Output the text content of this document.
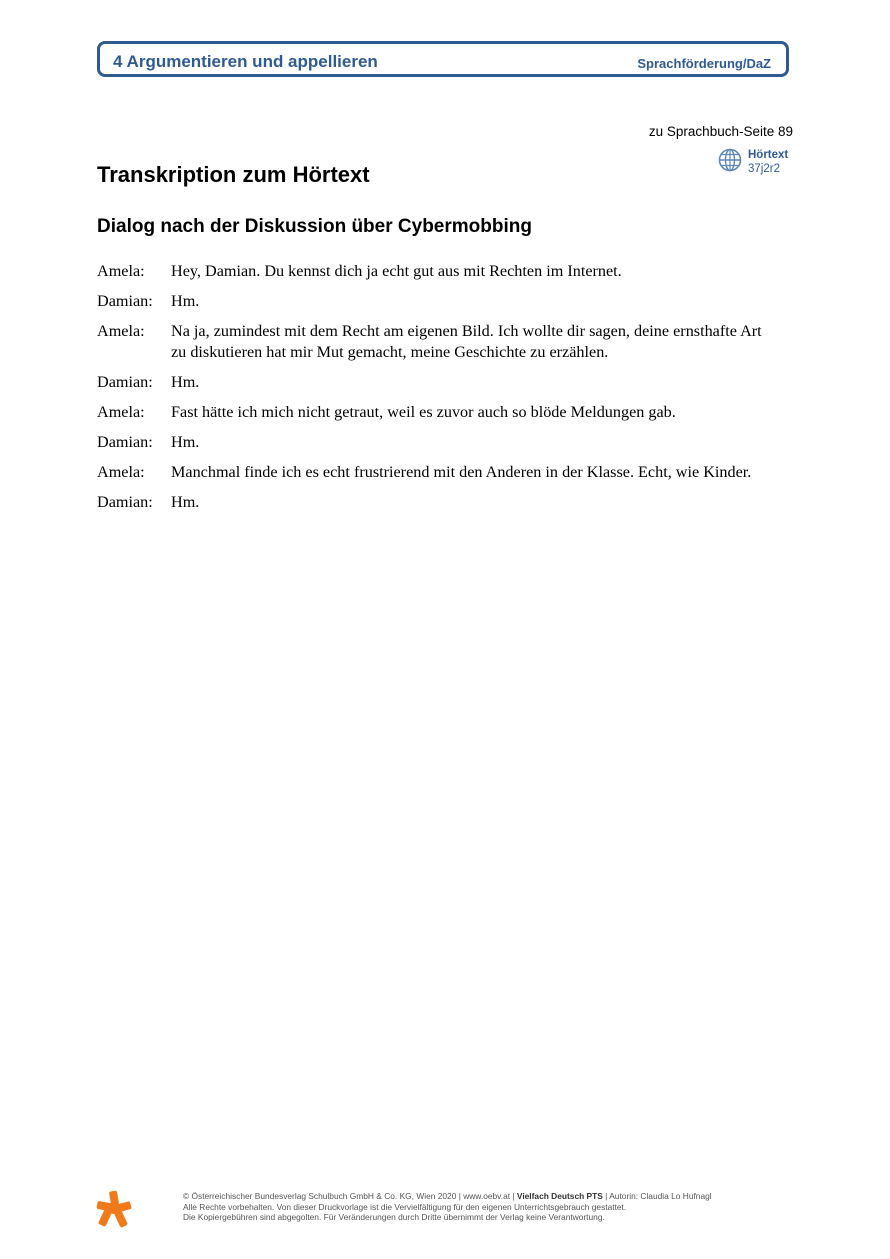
4 Argumentieren und appellieren	Sprachförderung/DaZ
zu Sprachbuch-Seite 89
Hörtext
37j2r2
Transkription zum Hörtext
Dialog nach der Diskussion über Cybermobbing
Amela:	Hey, Damian. Du kennst dich ja echt gut aus mit Rechten im Internet.
Damian:	Hm.
Amela:	Na ja, zumindest mit dem Recht am eigenen Bild. Ich wollte dir sagen, deine ernsthafte Art zu diskutieren hat mir Mut gemacht, meine Geschichte zu erzählen.
Damian:	Hm.
Amela:	Fast hätte ich mich nicht getraut, weil es zuvor auch so blöde Meldungen gab.
Damian:	Hm.
Amela:	Manchmal finde ich es echt frustrierend mit den Anderen in der Klasse. Echt, wie Kinder.
Damian:	Hm.
© Österreichischer Bundesverlag Schulbuch GmbH & Co. KG, Wien 2020 | www.oebv.at | Vielfach Deutsch PTS | Autorin: Claudia Lo Hufnagl
Alle Rechte vorbehalten. Von dieser Druckvorlage ist die Vervielfältigung für den eigenen Unterrichtsgebrauch gestattet.
Die Kopiergebühren sind abgegolten. Für Veränderungen durch Dritte übernimmt der Verlag keine Verantwortung.
